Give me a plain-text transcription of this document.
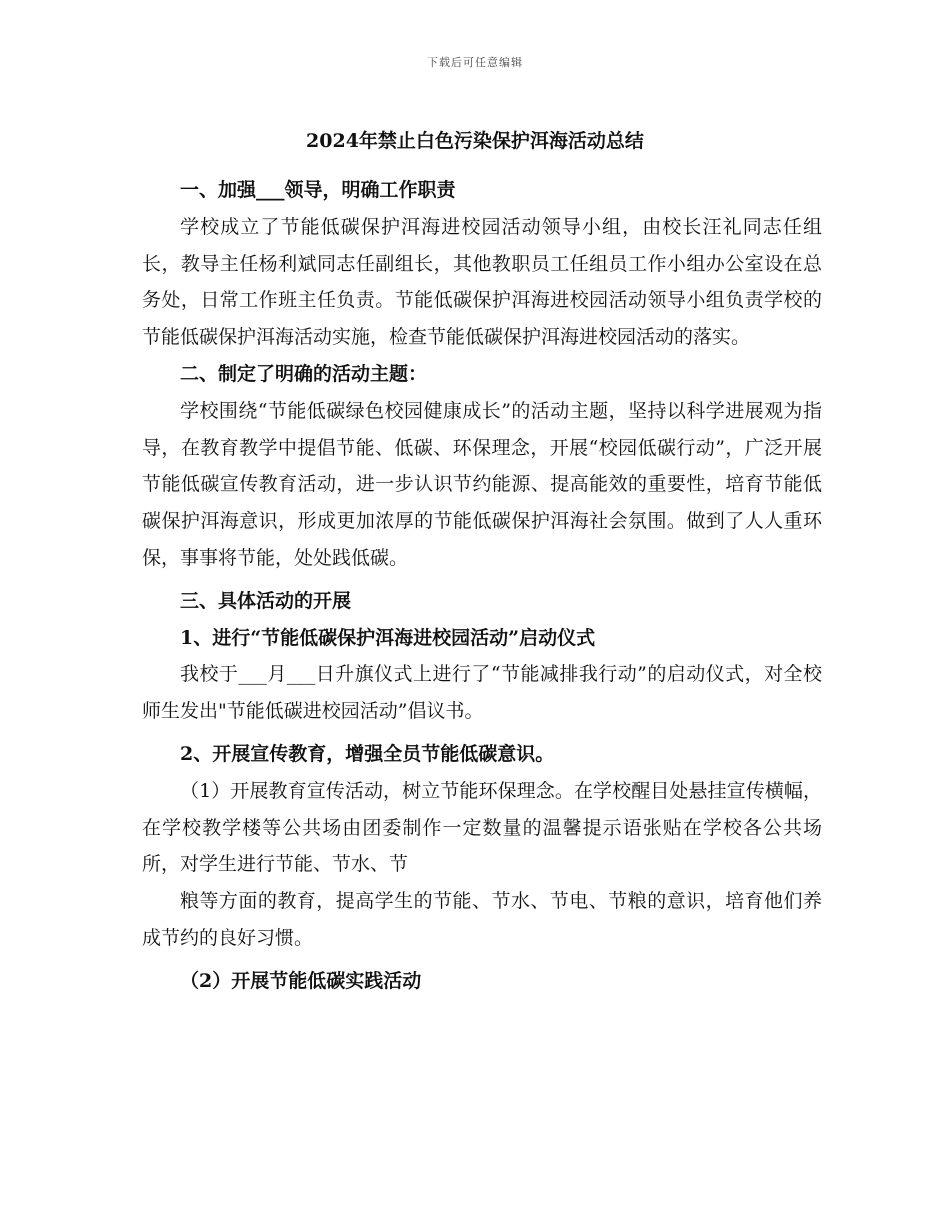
下载后可任意编辑
2024年禁止白色污染保护洱海活动总结

一、加强___领导，明确工作职责

学校成立了节能低碳保护洱海进校园活动领导小组，由校长汪礼同志任组长，教导主任杨利斌同志任副组长，其他教职员工任组员工作小组办公室设在总务处，日常工作班主任负责。节能低碳保护洱海进校园活动领导小组负责学校的节能低碳保护洱海活动实施，检查节能低碳保护洱海进校园活动的落实。

二、制定了明确的活动主题：

学校围绕“节能低碳绿色校园健康成长”的活动主题，坚持以科学进展观为指导，在教育教学中提倡节能、低碳、环保理念，开展“校园低碳行动”，广泛开展节能低碳宣传教育活动，进一步认识节约能源、提高能效的重要性，培育节能低碳保护洱海意识，形成更加浓厚的节能低碳保护洱海社会氛围。做到了人人重环保，事事将节能，处处践低碳。

三、具体活动的开展

1、进行“节能低碳保护洱海进校园活动”启动仪式

我校于___月___日升旗仪式上进行了“节能减排我行动”的启动仪式，对全校师生发出"节能低碳进校园活动”倡议书。

2、开展宣传教育，增强全员节能低碳意识。

（1）开展教育宣传活动，树立节能环保理念。在学校醒目处悬挂宣传横幅，在学校教学楼等公共场由团委制作一定数量的温馨提示语张贴在学校各公共场所，对学生进行节能、节水、节

粮等方面的教育，提高学生的节能、节水、节电、节粮的意识，培育他们养成节约的良好习惯。

（2）开展节能低碳实践活动
